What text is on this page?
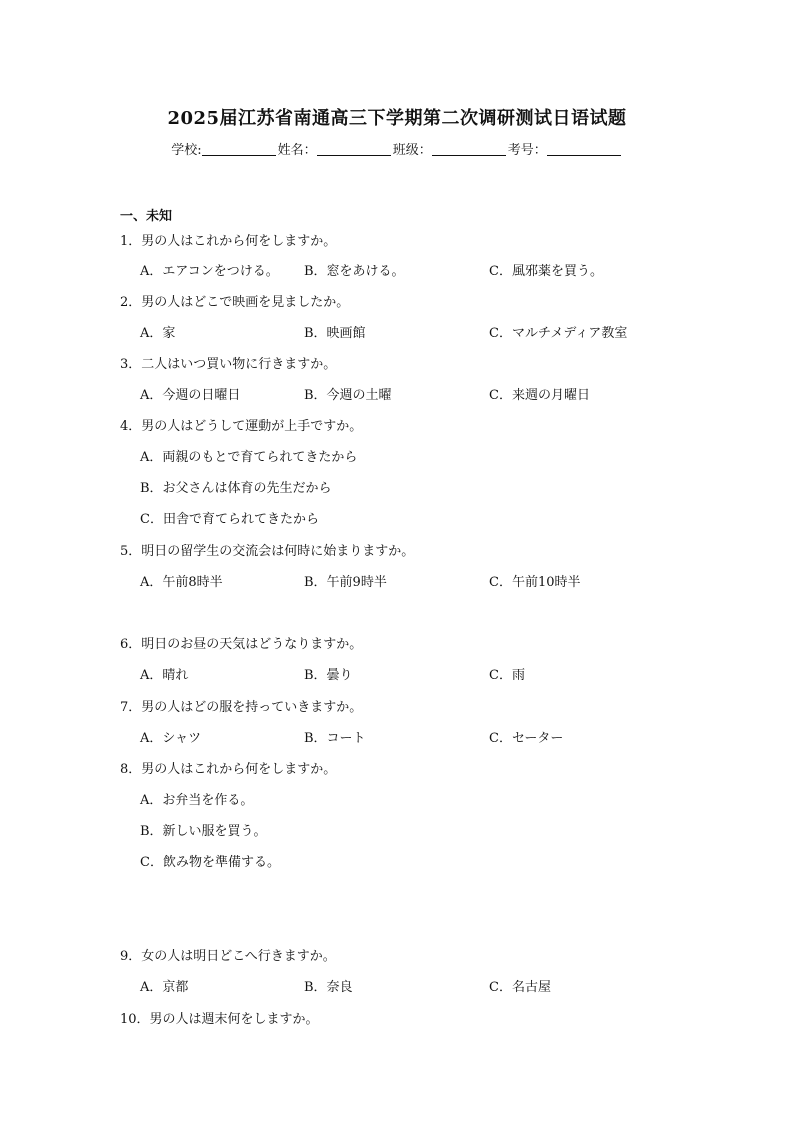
2025届江苏省南通高三下学期第二次调研测试日语试题
学校:	姓名：	班级：	考号：
一、未知
1．男の人はこれから何をしますか。
A．エアコンをつける。 B．窓をあける。	C．風邪薬を買う。
2．男の人はどこで映画を見ましたか。
A．家	B．映画館	C．マルチメディア教室
3．二人はいつ買い物に行きますか。
A．今週の日曜日	B．今週の土曜	C．来週の月曜日
4．男の人はどうして運動が上手ですか。
A．両親のもとで育てられてきたから
B．お父さんは体育の先生だから
C．田舎で育てられてきたから
5．明日の留学生の交流会は何時に始まりますか。
A．午前8時半	B．午前9時半	C．午前10時半
6．明日のお昼の天気はどうなりますか。
A．晴れ	B．曇り	C．雨
7．男の人はどの服を持っていきますか。
A．シャツ	B．コート	C．セーター
8．男の人はこれから何をしますか。
A．お弁当を作る。
B．新しい服を買う。
C．飲み物を準備する。
9．女の人は明日どこへ行きますか。
A．京都	B．奈良	C．名古屋
10．男の人は週末何をしますか。
